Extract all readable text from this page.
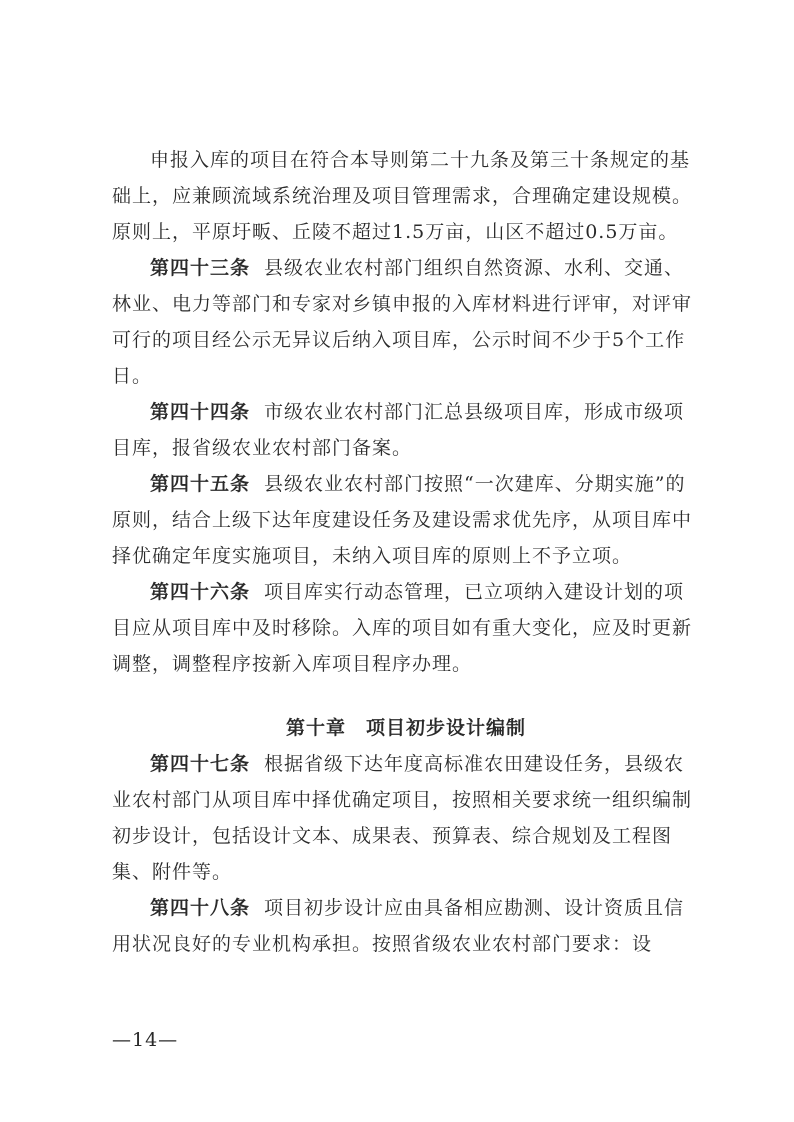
申报入库的项目在符合本导则第二十九条及第三十条规定的基础上，应兼顾流域系统治理及项目管理需求，合理确定建设规模。原则上，平原圩畈、丘陵不超过1.5万亩，山区不超过0.5万亩。

第四十三条 县级农业农村部门组织自然资源、水利、交通、林业、电力等部门和专家对乡镇申报的入库材料进行评审，对评审可行的项目经公示无异议后纳入项目库，公示时间不少于5个工作日。

第四十四条 市级农业农村部门汇总县级项目库，形成市级项目库，报省级农业农村部门备案。

第四十五条 县级农业农村部门按照“一次建库、分期实施”的原则，结合上级下达年度建设任务及建设需求优先序，从项目库中择优确定年度实施项目，未纳入项目库的原则上不予立项。

第四十六条 项目库实行动态管理，已立项纳入建设计划的项目应从项目库中及时移除。入库的项目如有重大变化，应及时更新调整，调整程序按新入库项目程序办理。

第十章 项目初步设计编制

第四十七条 根据省级下达年度高标准农田建设任务，县级农业农村部门从项目库中择优确定项目，按照相关要求统一组织编制初步设计，包括设计文本、成果表、预算表、综合规划及工程图集、附件等。

第四十八条 项目初步设计应由具备相应勘测、设计资质且信用状况良好的专业机构承担。按照省级农业农村部门要求：设

—14—
